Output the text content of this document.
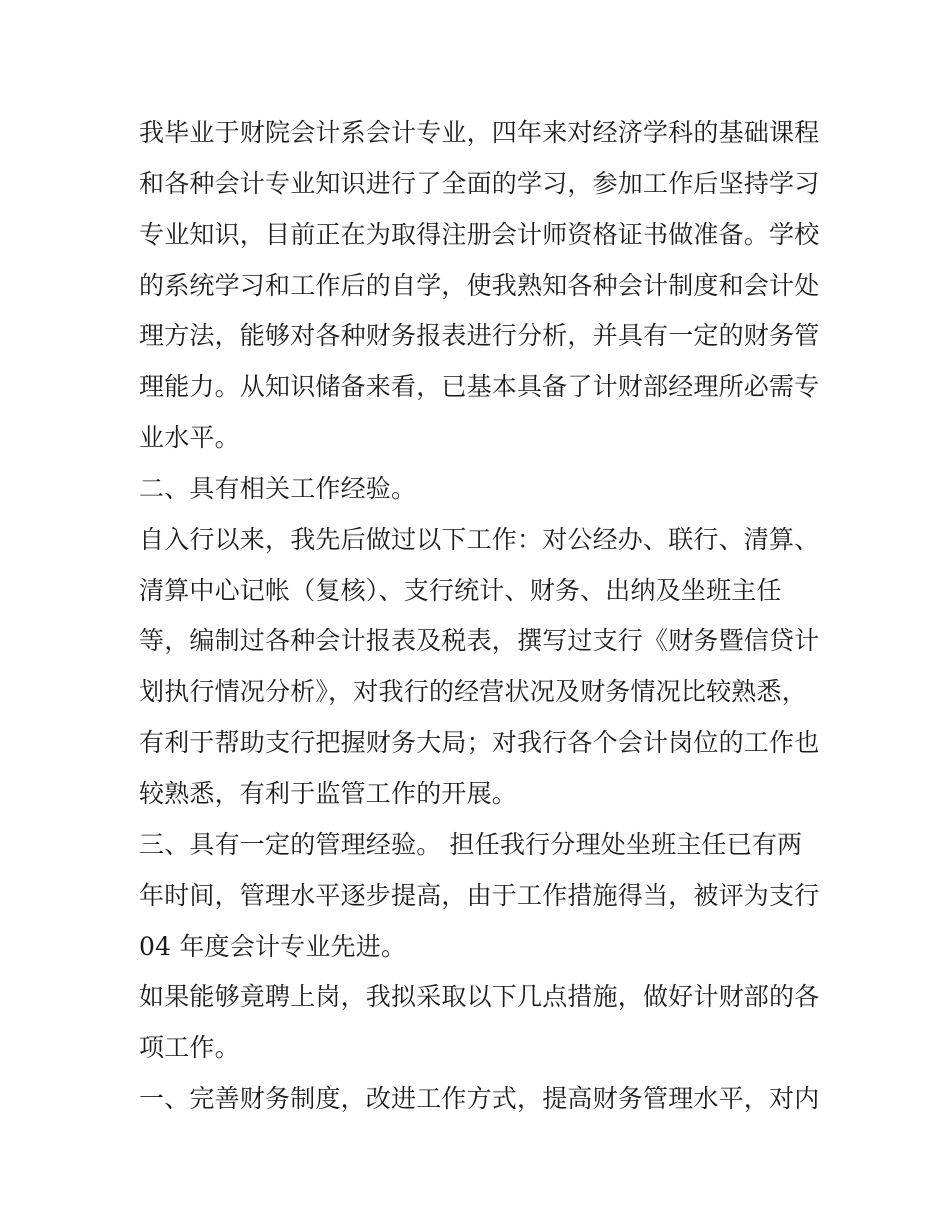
我毕业于财院会计系会计专业，四年来对经济学科的基础课程
和各种会计专业知识进行了全面的学习，参加工作后坚持学习
专业知识，目前正在为取得注册会计师资格证书做准备。学校
的系统学习和工作后的自学，使我熟知各种会计制度和会计处
理方法，能够对各种财务报表进行分析，并具有一定的财务管
理能力。从知识储备来看，已基本具备了计财部经理所必需专
业水平。
二、具有相关工作经验。
自入行以来，我先后做过以下工作：对公经办、联行、清算、
清算中心记帐（复核）、支行统计、财务、出纳及坐班主任
等，编制过各种会计报表及税表，撰写过支行《财务暨信贷计
划执行情况分析》，对我行的经营状况及财务情况比较熟悉，
有利于帮助支行把握财务大局；对我行各个会计岗位的工作也
较熟悉，有利于监管工作的开展。
三、具有一定的管理经验。 担任我行分理处坐班主任已有两
年时间，管理水平逐步提高，由于工作措施得当，被评为支行
04 年度会计专业先进。
如果能够竟聘上岗，我拟采取以下几点措施，做好计财部的各
项工作。
一、完善财务制度，改进工作方式，提高财务管理水平，对内
